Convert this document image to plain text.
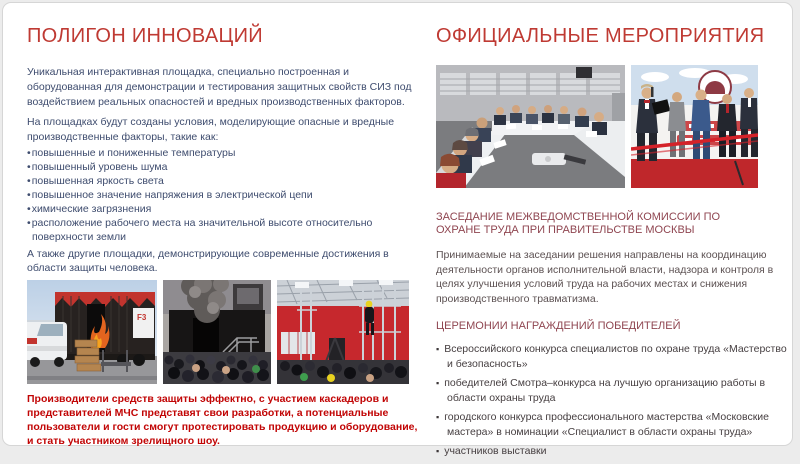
ПОЛИГОН ИННОВАЦИЙ

Уникальная интерактивная площадка, специально построенная и оборудованная для демонстрации и тестирования защитных свойств СИЗ под воздействием реальных опасностей и вредных производственных факторов.

На площадках будут созданы условия, моделирующие опасные и вредные производственные факторы, такие как:

• повышенные и пониженные температуры
• повышенный уровень шума
• повышенная яркость света
• повышенное значение напряжения в электрической цепи
• химические загрязнения
• расположение рабочего места на значительной высоте относительно поверхности земли

А также другие площадки, демонстрирующие современные достижения в области защиты человека.

F3

Производители средств защиты эффектно, с участием каскадеров и представителей МЧС представят свои разработки, а потенциальные пользователи и гости смогут протестировать продукцию и оборудование, и стать участником зрелищного шоу.

ОФИЦИАЛЬНЫЕ МЕРОПРИЯТИЯ
ЗАСЕДАНИЕ МЕЖВЕДОМСТВЕННОЙ КОМИССИИ ПО ОХРАНЕ ТРУДА ПРИ ПРАВИТЕЛЬСТВЕ МОСКВЫ

Принимаемые на заседании решения направлены на координацию деятельности органов исполнительной власти, надзора и контроля в целях улучшения условий труда на рабочих местах и снижения производственного травматизма.

ЦЕРЕМОНИИ НАГРАЖДЕНИЙ ПОБЕДИТЕЛЕЙ
▪ Всероссийского конкурса специалистов по охране труда «Мастерство и безопасность»
▪ победителей Смотра–конкурса на лучшую организацию работы в области охраны труда
▪ городского конкурса профессионального мастерства «Московские мастера» в номинации «Специалист в области охраны труда»
▪ участников выставки
